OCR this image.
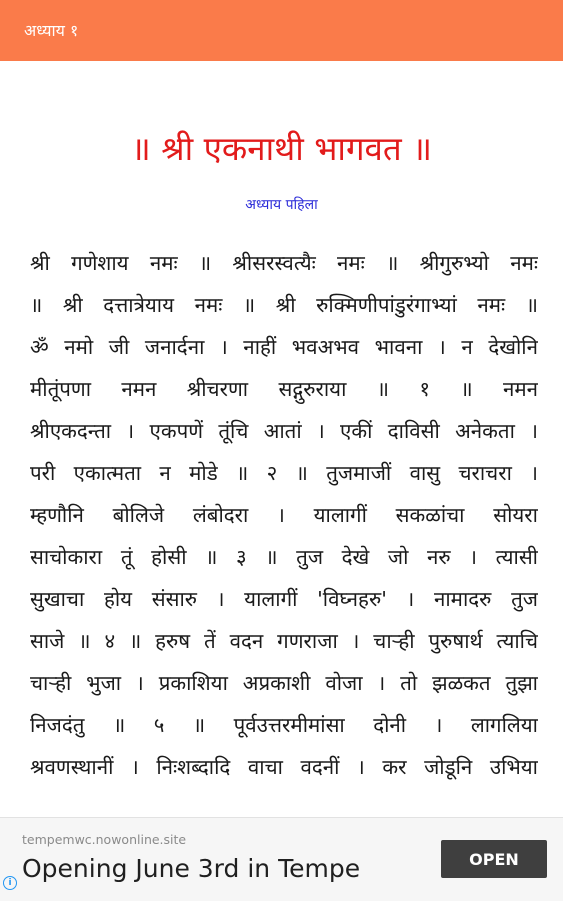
अध्याय १
॥ श्री एकनाथी भागवत ॥
अध्याय पहिला
श्री गणेशाय नमः ॥ श्रीसरस्वत्यैः नमः ॥ श्रीगुरुभ्यो नमः
॥ श्री दत्तात्रेयाय नमः ॥ श्री रुक्मिणीपांडुरंगाभ्यां नमः ॥
ॐ नमो जी जनार्दना । नाहीं भवअभव भावना । न देखोनि
मीतूंपणा नमन श्रीचरणा सद्गुरुराया ॥ १ ॥ नमन
श्रीएकदन्ता । एकपणें तूंचि आतां । एकीं दाविसी अनेकता ।
परी एकात्मता न मोडे ॥ २ ॥ तुजमाजीं वासु चराचरा ।
म्हणौनि बोलिजे लंबोदरा । यालागीं सकळांचा सोयरा
साचोकारा तूं होसी ॥ ३ ॥ तुज देखे जो नरु । त्यासी
सुखाचा होय संसारु । यालागीं 'विघ्नहरु' । नामादरु तुज
साजे ॥ ४ ॥ हरुष तें वदन गणराजा । चार्‍ही पुरुषार्थ त्याचि
चार्‍ही भुजा । प्रकाशिया अप्रकाशी वोजा । तो झळकत तुझा
निजदंतु ॥ ५ ॥ पूर्वउत्तरमीमांसा दोनी । लागलिया
श्रवणस्थानीं । निःशब्दादि वाचा वदनीं । कर जोडूनि उभिया
tempemwc.nowonline.site
Opening June 3rd in Tempe	OPEN
i
